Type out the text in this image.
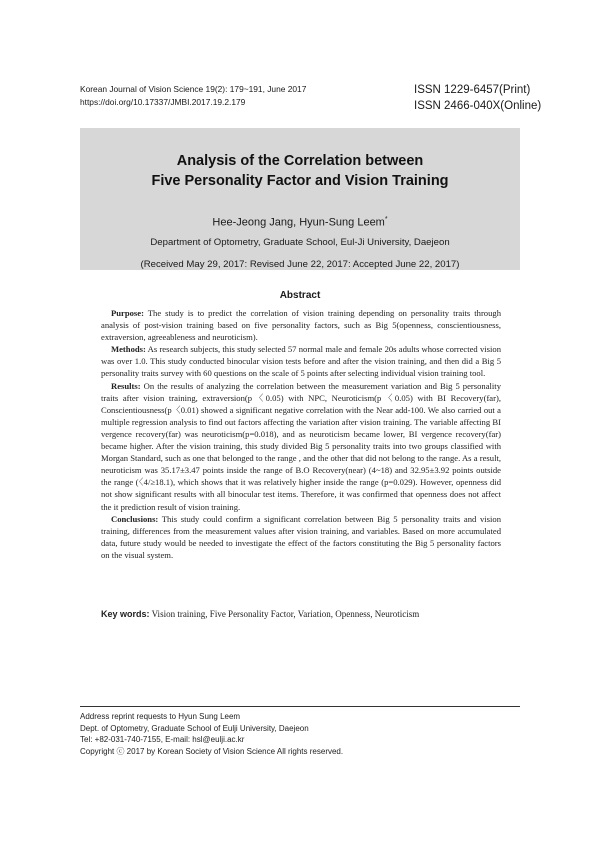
Korean Journal of Vision Science 19(2): 179~191, June 2017
https://doi.org/10.17337/JMBI.2017.19.2.179
ISSN 1229-6457(Print)
ISSN 2466-040X(Online)
Analysis of the Correlation between
Five Personality Factor and Vision Training
Hee-Jeong Jang, Hyun-Sung Leem*
Department of Optometry, Graduate School, Eul-Ji University, Daejeon
(Received May 29, 2017: Revised June 22, 2017: Accepted June 22, 2017)
Abstract

Purpose: The study is to predict the correlation of vision training depending on personality traits through analysis of post-vision training based on five personality factors, such as Big 5(openness, conscientiousness, extraversion, agreeableness and neuroticism).

Methods: As research subjects, this study selected 57 normal male and female 20s adults whose corrected vision was over 1.0. This study conducted binocular vision tests before and after the vision training, and then did a Big 5 personality traits survey with 60 questions on the scale of 5 points after selecting individual vision training tool.

Results: On the results of analyzing the correlation between the measurement variation and Big 5 personality traits after vision training, extraversion(p〈0.05) with NPC, Neuroticism(p〈0.05) with BI Recovery(far), Conscientiousness(p〈0.01) showed a significant negative correlation with the Near add-100. We also carried out a multiple regression analysis to find out factors affecting the variation after vision training. The variable affecting BI vergence recovery(far) was neuroticism(p=0.018), and as neuroticism became lower, BI vergence recovery(far) became higher. After the vision training, this study divided Big 5 personality traits into two groups classified with Morgan Standard, such as one that belonged to the range , and the other that did not belong to the range. As a result, neuroticism was 35.17±3.47 points inside the range of B.O Recovery(near) (4~18) and 32.95±3.92 points outside the range (〈4/≥18.1), which shows that it was relatively higher inside the range (p=0.029). However, openness did not show significant results with all binocular test items. Therefore, it was confirmed that openness does not affect the it prediction result of vision training.

Conclusions: This study could confirm a significant correlation between Big 5 personality traits and vision training, differences from the measurement values after vision training, and variables. Based on more accumulated data, future study would be needed to investigate the effect of the factors constituting the Big 5 personality factors on the visual system.

Key words: Vision training, Five Personality Factor, Variation, Openness, Neuroticism
Address reprint requests to Hyun Sung Leem
Dept. of Optometry, Graduate School of Eulji University, Daejeon
Tel: +82-031-740-7155, E-mail: hsl@eulji.ac.kr
Copyright ⓒ 2017 by Korean Society of Vision Science All rights reserved.
